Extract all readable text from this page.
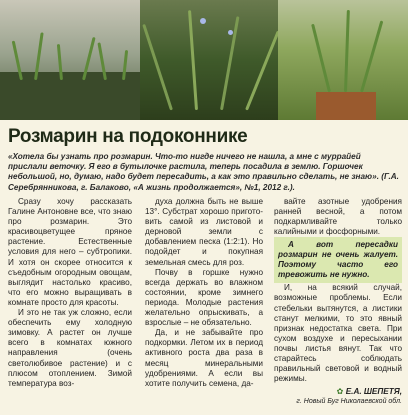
Розмарин на подоконнике

«Хотела бы узнать про розмарин. Что-то нигде ничего не нашла, а мне с муррайей прислали веточку. Я его в бутылочке растила, теперь посадила в землю. Горшочек небольшой, но, думаю, надо будет пересадить, а как это правильно сделать, не знаю». (Г.А. Серебрянникова, г. Балаково, «А жизнь продолжается», №1, 2012 г.).

Сразу хочу рассказать Галине Антоновне все, что знаю про розмарин. Это красивоцветущее пряное растение. Естественные условия для него – субтропики. И хотя он скорее относится к съедобным огородным овощам, выглядит настолько красиво, что его можно выращивать в комнате просто для красоты.

И это не так уж сложно, если обеспечить ему холодную зимовку. А растет он лучше всего в комнатах южного направления (очень светолюбивое растение) и с плюсом отоплением. Зимой температура воз-

духа должна быть не выше 13°. Субстрат хорошо приготовить самой из листовой и дерновой земли с добавлением песка (1:2:1). Но подойдет и покупная земельная смесь для роз.

Почву в горшке нужно всегда держать во влажном состоянии, кроме зимнего периода. Молодые растения желательно опрыскивать, а взрослые – не обязательно.

Да, и не забывайте про подкормки. Летом их в период активного роста два раза в месяц минеральными удобрениями. А если вы хотите получить семена, да-

вайте азотные удобрения ранней весной, а потом подкармливайте только калийными и фосфорными.

А вот пересадки розмарин не очень жалует. Поэтому часто его тревожить не нужно.

И, на всякий случай, возможные проблемы. Если стебельки вытянутся, а листики станут мелкими, то это явный признак недостатка света. При сухом воздухе и пересыхании почвы листья вянут. Так что старайтесь соблюдать правильный световой и водный режимы.

✿ Е.А. ШЕПЕТЯ,
г. Новый Буг Николаевской обл.
